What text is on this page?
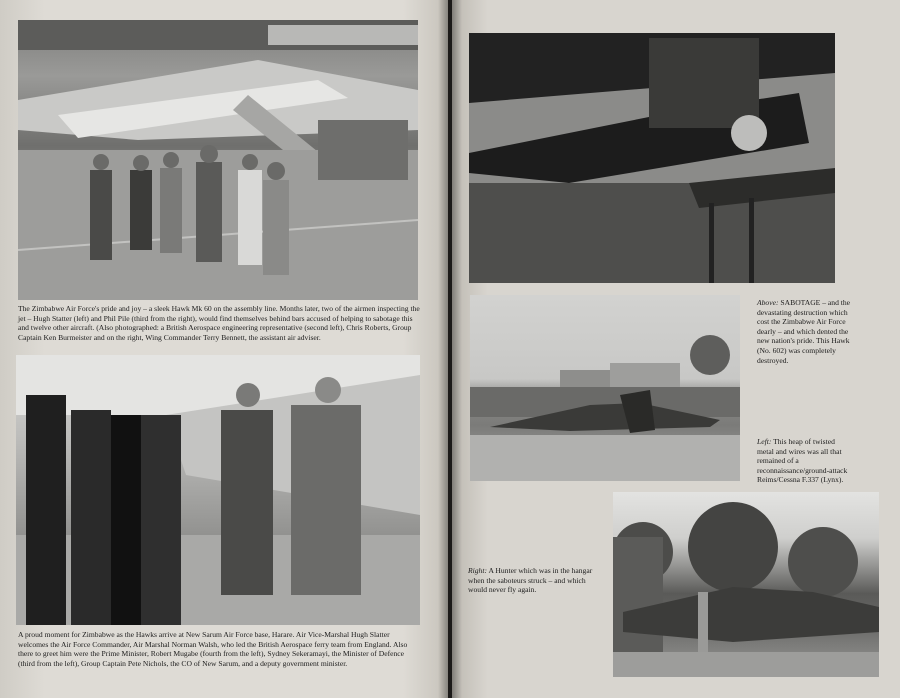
The Zimbabwe Air Force's pride and joy – a sleek Hawk Mk 60 on the assembly line. Months later, two of the airmen inspecting the jet – Hugh Statter (left) and Phil Pile (third from the right), would find themselves behind bars accused of helping to sabotage this and twelve other aircraft. (Also photographed: a British Aerospace engineering representative (second left), Chris Roberts, Group Captain Ken Burmeister and on the right, Wing Commander Terry Bennett, the assistant air adviser.
A proud moment for Zimbabwe as the Hawks arrive at New Sarum Air Force base, Harare. Air Vice-Marshal Hugh Slatter welcomes the Air Force Commander, Air Marshal Norman Walsh, who led the British Aerospace ferry team from England. Also there to greet him were the Prime Minister, Robert Mugabe (fourth from the left), Sydney Sekeramayi, the Minister of Defence (third from the left), Group Captain Pete Nichols, the CO of New Sarum, and a deputy government minister.
Above: SABOTAGE – and the devastating destruction which cost the Zimbabwe Air Force dearly – and which dented the new nation's pride. This Hawk (No. 602) was completely destroyed.
Left: This heap of twisted metal and wires was all that remained of a reconnaissance/ground-attack Reims/Cessna F.337 (Lynx).
Right: A Hunter which was in the hangar when the saboteurs struck – and which would never fly again.
